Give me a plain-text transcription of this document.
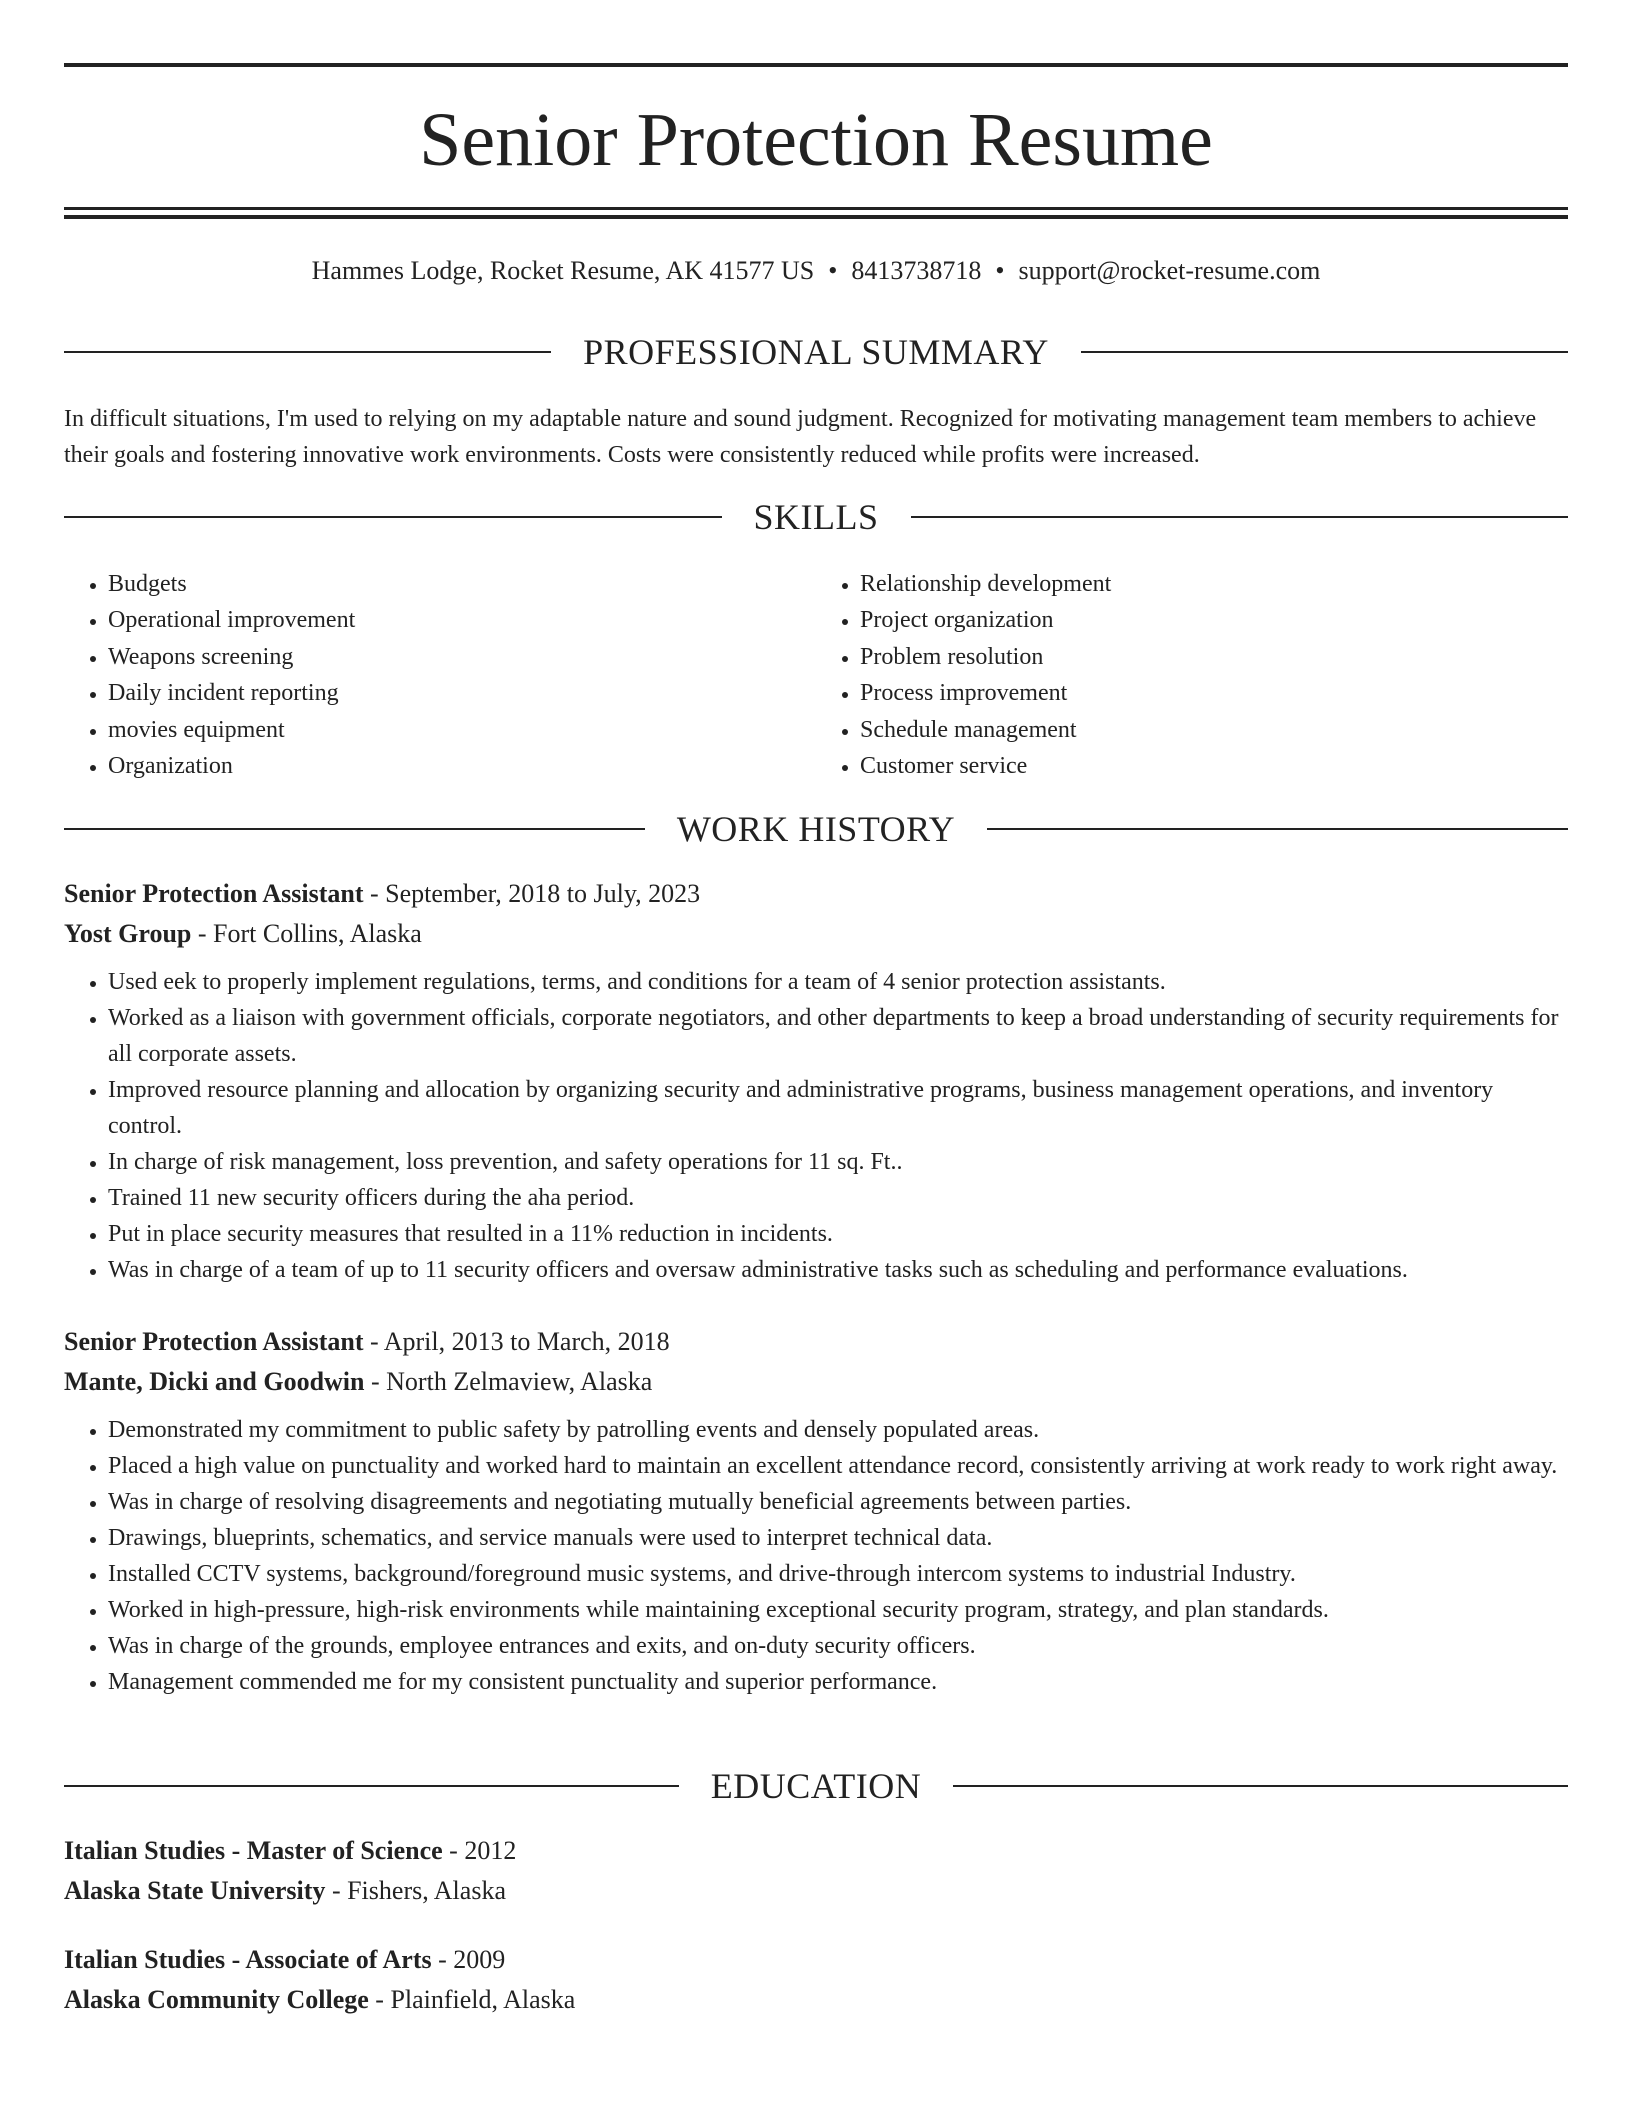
Senior Protection Resume
Hammes Lodge, Rocket Resume, AK 41577 US • 8413738718 • support@rocket-resume.com
PROFESSIONAL SUMMARY

In difficult situations, I'm used to relying on my adaptable nature and sound judgment. Recognized for motivating management team members to achieve their goals and fostering innovative work environments. Costs were consistently reduced while profits were increased.

SKILLS
• Budgets
• Operational improvement
• Weapons screening
• Daily incident reporting
• movies equipment
• Organization
• Relationship development
• Project organization
• Problem resolution
• Process improvement
• Schedule management
• Customer service
WORK HISTORY
Senior Protection Assistant - September, 2018 to July, 2023
Yost Group - Fort Collins, Alaska
• Used eek to properly implement regulations, terms, and conditions for a team of 4 senior protection assistants.
• Worked as a liaison with government officials, corporate negotiators, and other departments to keep a broad understanding of security requirements for all corporate assets.
• Improved resource planning and allocation by organizing security and administrative programs, business management operations, and inventory control.
• In charge of risk management, loss prevention, and safety operations for 11 sq. Ft..
• Trained 11 new security officers during the aha period.
• Put in place security measures that resulted in a 11% reduction in incidents.
• Was in charge of a team of up to 11 security officers and oversaw administrative tasks such as scheduling and performance evaluations.
Senior Protection Assistant - April, 2013 to March, 2018
Mante, Dicki and Goodwin - North Zelmaview, Alaska
• Demonstrated my commitment to public safety by patrolling events and densely populated areas.
• Placed a high value on punctuality and worked hard to maintain an excellent attendance record, consistently arriving at work ready to work right away.
• Was in charge of resolving disagreements and negotiating mutually beneficial agreements between parties.
• Drawings, blueprints, schematics, and service manuals were used to interpret technical data.
• Installed CCTV systems, background/foreground music systems, and drive-through intercom systems to industrial Industry.
• Worked in high-pressure, high-risk environments while maintaining exceptional security program, strategy, and plan standards.
• Was in charge of the grounds, employee entrances and exits, and on-duty security officers.
• Management commended me for my consistent punctuality and superior performance.
EDUCATION
Italian Studies - Master of Science - 2012
Alaska State University - Fishers, Alaska
Italian Studies - Associate of Arts - 2009
Alaska Community College - Plainfield, Alaska
